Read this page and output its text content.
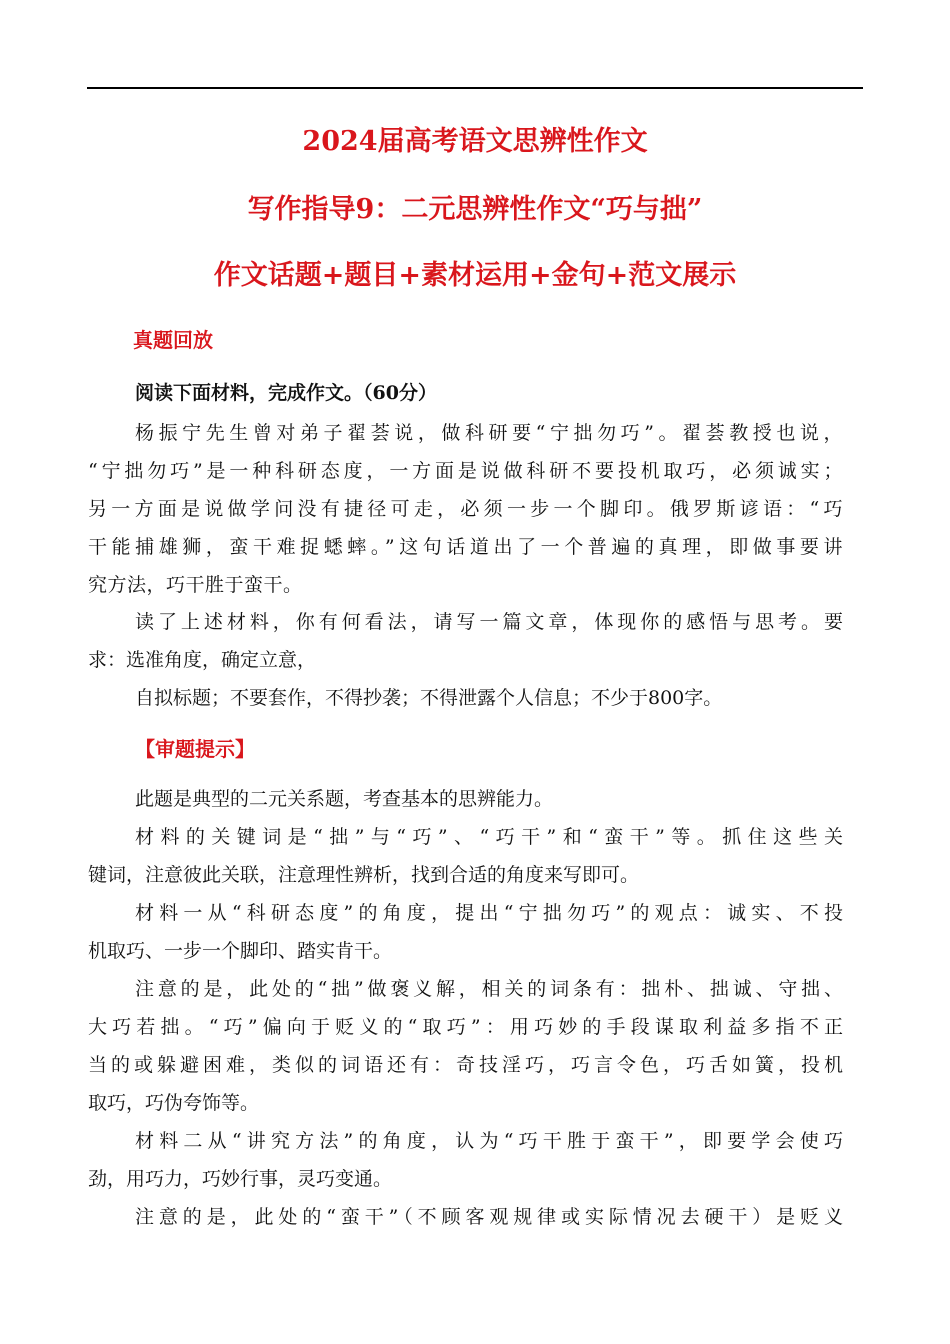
2024届高考语文思辨性作文
写作指导9：二元思辨性作文“巧与拙”
作文话题+题目+素材运用+金句+范文展示
真题回放
阅读下面材料，完成作文。（60分）
杨振宁先生曾对弟子翟荟说，做科研要“宁拙勿巧”。翟荟教授也说，
“宁拙勿巧”是一种科研态度，一方面是说做科研不要投机取巧，必须诚实；
另一方面是说做学问没有捷径可走，必须一步一个脚印。俄罗斯谚语：“巧
干能捕雄狮，蛮干难捉蟋蟀。”这句话道出了一个普遍的真理，即做事要讲
究方法，巧干胜于蛮干。
读了上述材料，你有何看法，请写一篇文章，体现你的感悟与思考。要
求：选准角度，确定立意，
自拟标题；不要套作，不得抄袭；不得泄露个人信息；不少于800字。
【审题提示】
此题是典型的二元关系题，考查基本的思辨能力。
材料的关键词是“拙”与“巧”、“巧干”和“蛮干”等。抓住这些关
键词，注意彼此关联，注意理性辨析，找到合适的角度来写即可。
材料一从“科研态度”的角度，提出“宁拙勿巧”的观点：诚实、不投
机取巧、一步一个脚印、踏实肯干。
注意的是，此处的“拙”做褒义解，相关的词条有：拙朴、拙诚、守拙、
大巧若拙。“巧”偏向于贬义的“取巧”：用巧妙的手段谋取利益多指不正
当的或躲避困难，类似的词语还有：奇技淫巧，巧言令色，巧舌如簧，投机
取巧，巧伪夸饰等。
材料二从“讲究方法”的角度，认为“巧干胜于蛮干”，即要学会使巧
劲，用巧力，巧妙行事，灵巧变通。
注意的是，此处的“蛮干”（不顾客观规律或实际情况去硬干）是贬义
